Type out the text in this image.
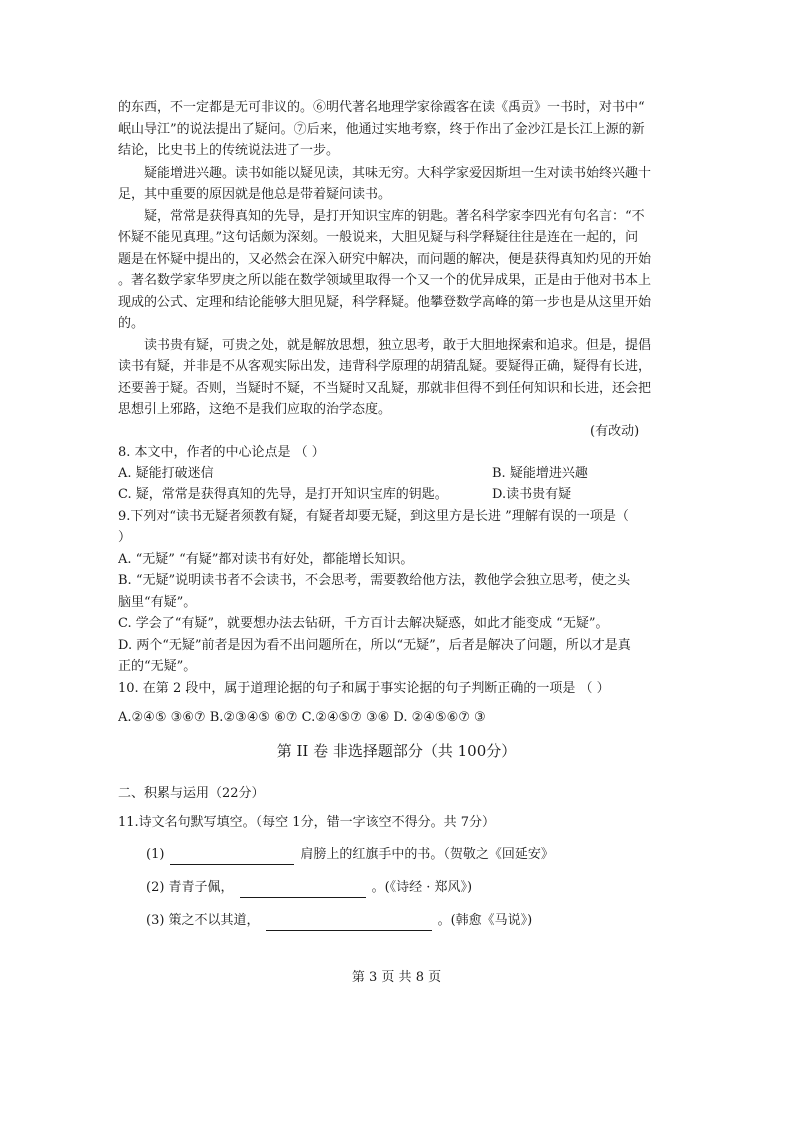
的东西，不一定都是无可非议的。⑥明代著名地理学家徐霞客在读《禹贡》一书时，对书中“
岷山导江”的说法提出了疑问。⑦后来，他通过实地考察，终于作出了金沙江是长江上源的新
结论，比史书上的传统说法进了一步。
疑能增进兴趣。读书如能以疑见读，其味无穷。大科学家爱因斯坦一生对读书始终兴趣十
足，其中重要的原因就是他总是带着疑问读书。
疑，常常是获得真知的先导，是打开知识宝库的钥匙。著名科学家李四光有句名言：“不
怀疑不能见真理。”这句话颇为深刻。一般说来，大胆见疑与科学释疑往往是连在一起的，问
题是在怀疑中提出的，又必然会在深入研究中解决，而问题的解决，便是获得真知灼见的开始
。著名数学家华罗庚之所以能在数学领域里取得一个又一个的优异成果，正是由于他对书本上
现成的公式、定理和结论能够大胆见疑，科学释疑。他攀登数学高峰的第一步也是从这里开始
的。
读书贵有疑，可贵之处，就是解放思想，独立思考，敢于大胆地探索和追求。但是，提倡
读书有疑，并非是不从客观实际出发，违背科学原理的胡猜乱疑。要疑得正确，疑得有长进，
还要善于疑。否则，当疑时不疑，不当疑时又乱疑，那就非但得不到任何知识和长进，还会把
思想引上邪路，这绝不是我们应取的治学态度。
(有改动)
8. 本文中，作者的中心论点是 （ ）
A. 疑能打破迷信	B. 疑能增进兴趣
C. 疑，常常是获得真知的先导，是打开知识宝库的钥匙。	D.读书贵有疑
9.下列对“读书无疑者须教有疑，有疑者却要无疑，到这里方是长进 ”理解有误的一项是（
）
A. “无疑” “有疑”都对读书有好处，都能增长知识。
B. “无疑”说明读书者不会读书，不会思考，需要教给他方法，教他学会独立思考，使之头
脑里“有疑”。
C. 学会了“有疑”，就要想办法去钻研，千方百计去解决疑惑，如此才能变成 “无疑”。
D. 两个“无疑”前者是因为看不出问题所在，所以“无疑”，后者是解决了问题，所以才是真
正的“无疑”。
10. 在第 2 段中，属于道理论据的句子和属于事实论据的句子判断正确的一项是 （ ）
A.②④⑤ ③⑥⑦ B.②③④⑤ ⑥⑦ C.②④⑤⑦ ③⑥ D. ②④⑤⑥⑦ ③
第 II 卷 非选择题部分（共 100分）
二、积累与运用（22分）
11.诗文名句默写填空。（每空 1分，错一字该空不得分。共 7分）
(1)	肩膀上的红旗手中的书。（贺敬之《回延安》
(2) 青青子佩，	。(《诗经 · 郑风》)
(3) 策之不以其道，	。(韩愈《马说》)
第 3 页 共 8 页
